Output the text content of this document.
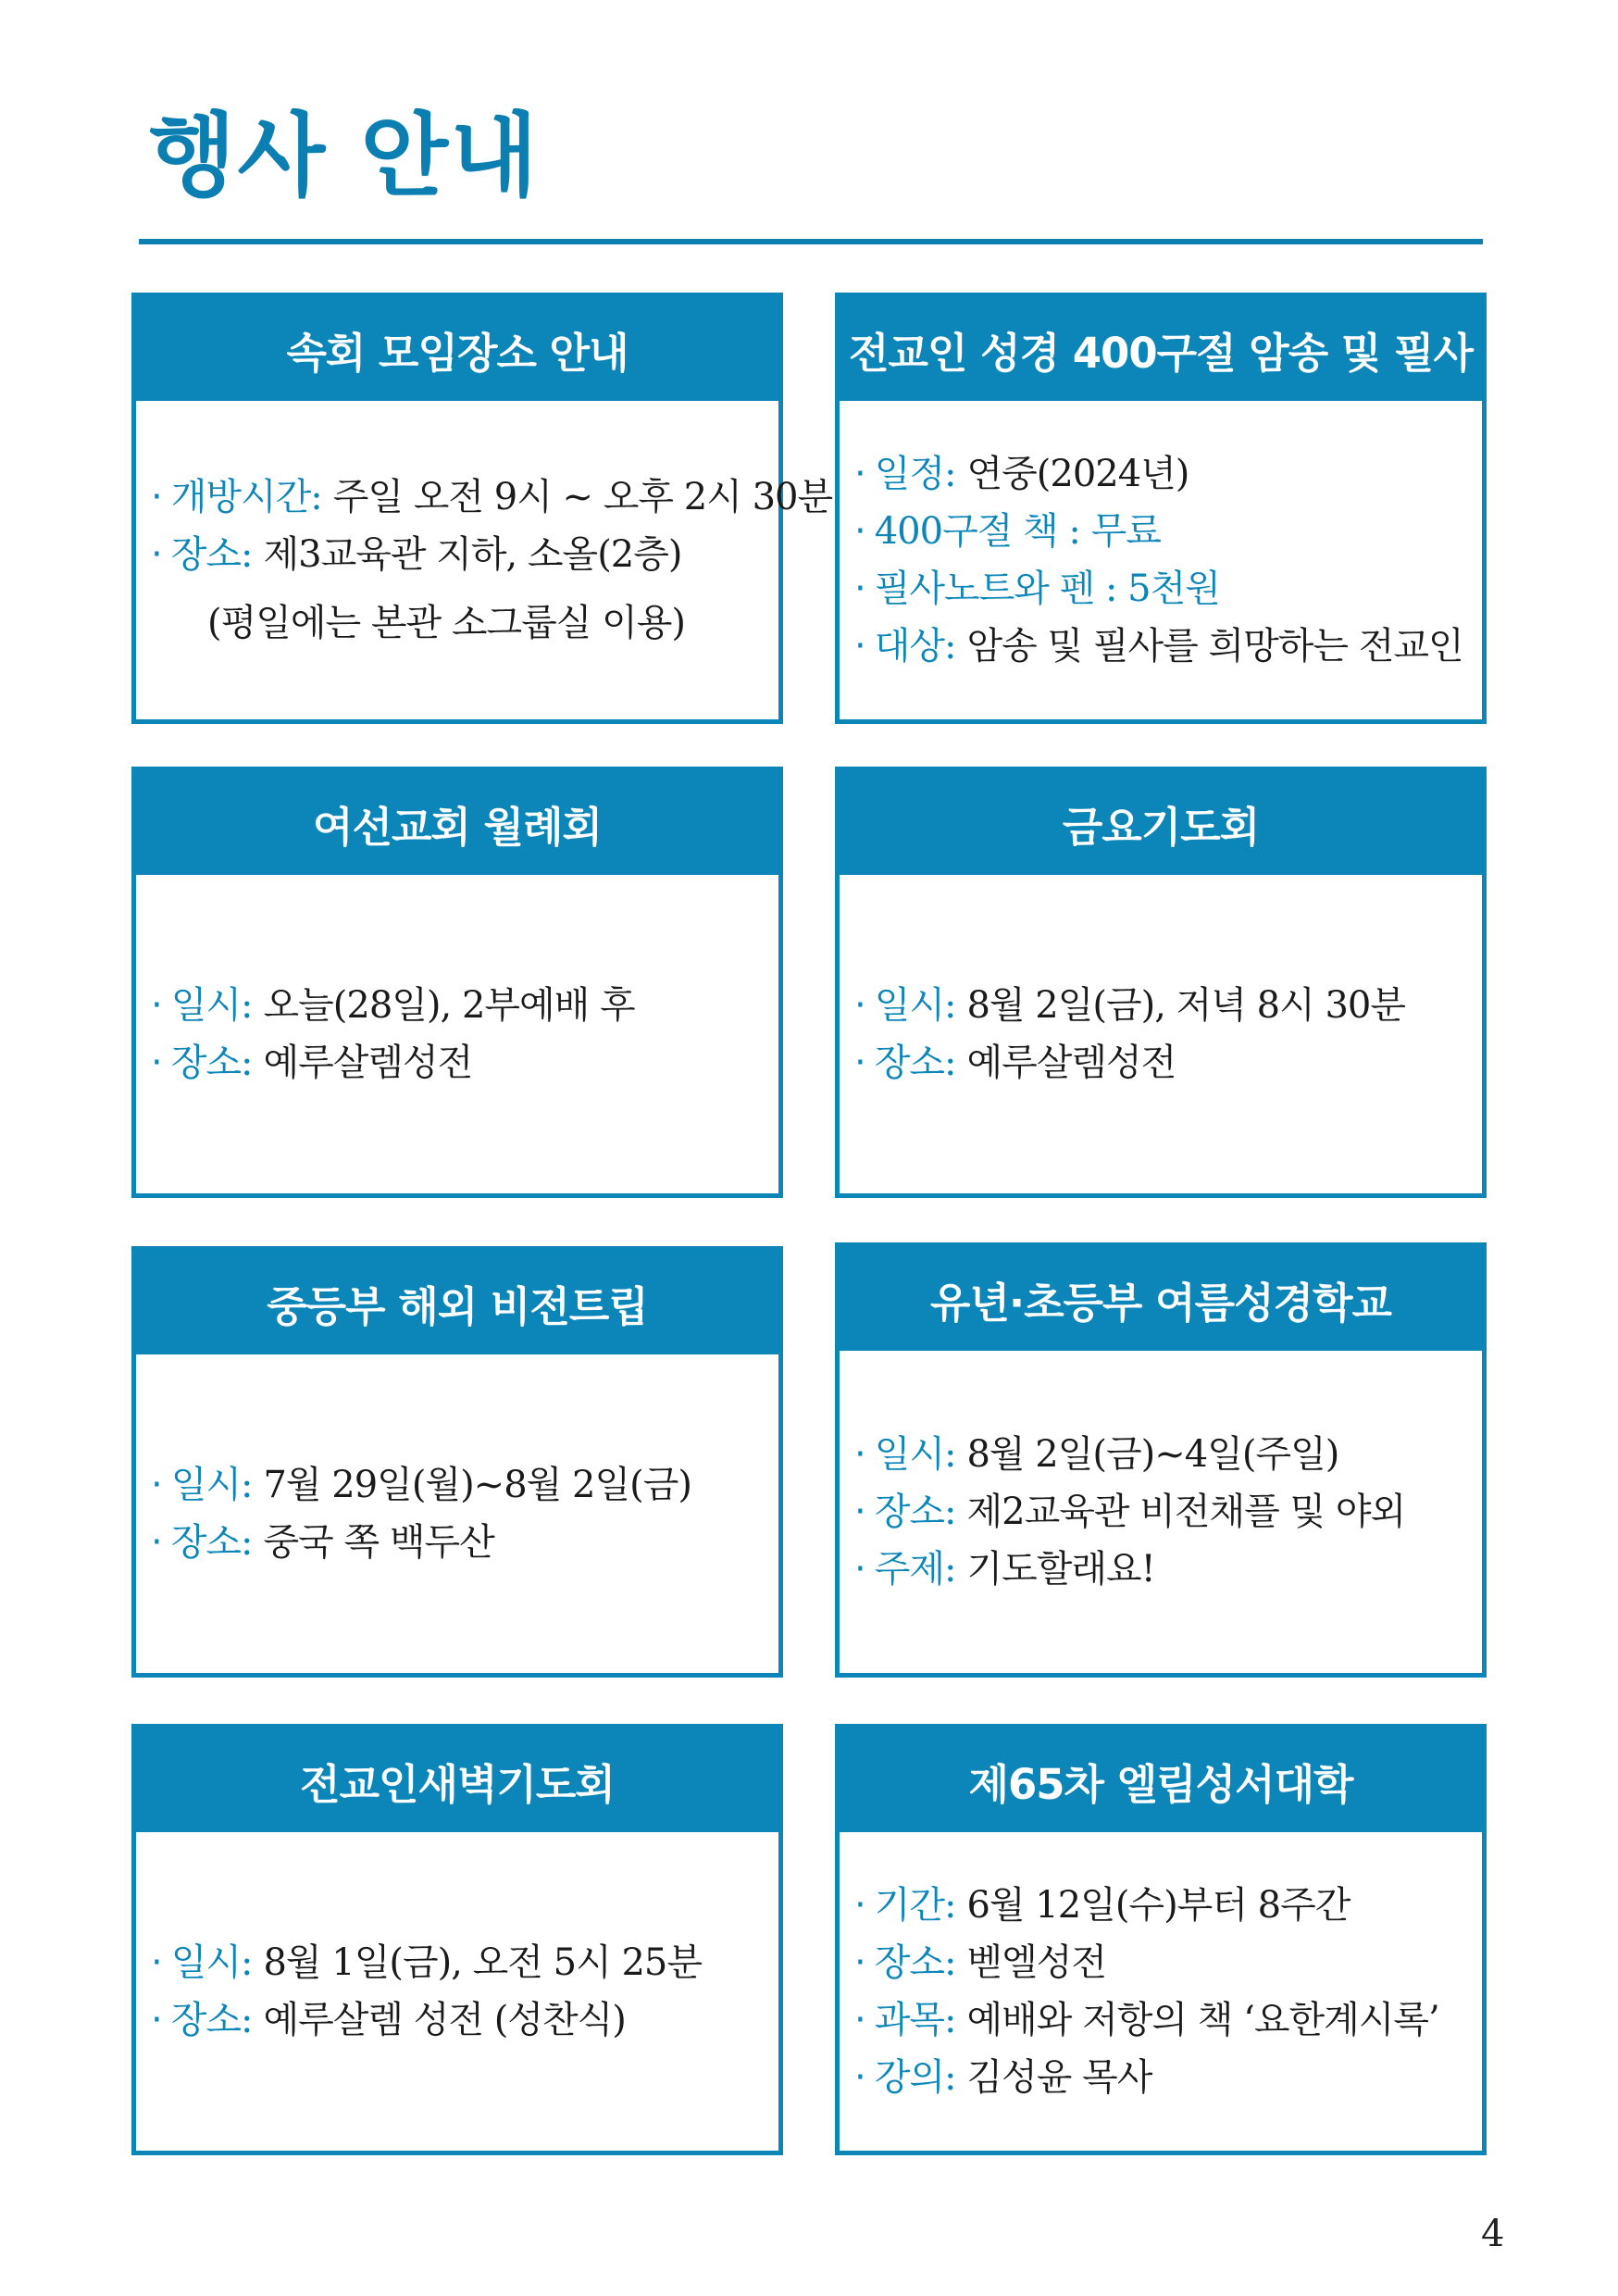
행사 안내
속회 모임장소 안내
· 개방시간: 주일 오전 9시 ~ 오후 2시 30분
· 장소: 제3교육관 지하, 소올(2층)
(평일에는 본관 소그룹실 이용)
전교인 성경 400구절 암송 및 필사
· 일정: 연중(2024년)
· 400구절 책 : 무료
· 필사노트와 펜 : 5천원
· 대상: 암송 및 필사를 희망하는 전교인
여선교회 월례회
· 일시: 오늘(28일), 2부예배 후
· 장소: 예루살렘성전
금요기도회
· 일시: 8월 2일(금), 저녁 8시 30분
· 장소: 예루살렘성전
중등부 해외 비전트립
· 일시: 7월 29일(월)~8월 2일(금)
· 장소: 중국 쪽 백두산
유년·초등부 여름성경학교
· 일시: 8월 2일(금)~4일(주일)
· 장소: 제2교육관 비전채플 및 야외
· 주제: 기도할래요!
전교인새벽기도회
· 일시: 8월 1일(금), 오전 5시 25분
· 장소: 예루살렘 성전 (성찬식)
제65차 엘림성서대학
· 기간: 6월 12일(수)부터 8주간
· 장소: 벧엘성전
· 과목: 예배와 저항의 책 ‘요한계시록’
· 강의: 김성윤 목사
4
